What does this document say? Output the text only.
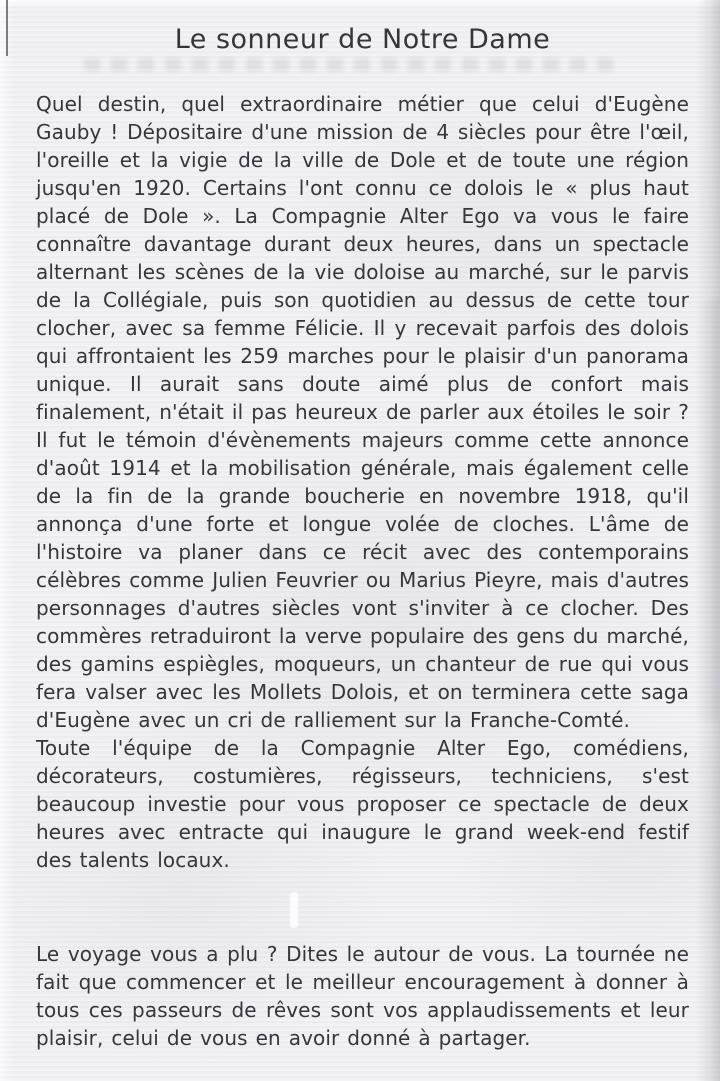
Le sonneur de Notre Dame

Quel destin, quel extraordinaire métier que celui d'Eugène Gauby ! Dépositaire d'une mission de 4 siècles pour être l'œil, l'oreille et la vigie de la ville de Dole et de toute une région jusqu'en 1920. Certains l'ont connu ce dolois le « plus haut placé de Dole ». La Compagnie Alter Ego va vous le faire connaître davantage durant deux heures, dans un spectacle alternant les scènes de la vie doloise au marché, sur le parvis de la Collégiale, puis son quotidien au dessus de cette tour clocher, avec sa femme Félicie. Il y recevait parfois des dolois qui affrontaient les 259 marches pour le plaisir d'un panorama unique. Il aurait sans doute aimé plus de confort mais finalement, n'était il pas heureux de parler aux étoiles le soir ? Il fut le témoin d'évènements majeurs comme cette annonce d'août 1914 et la mobilisation générale, mais également celle de la fin de la grande boucherie en novembre 1918, qu'il annonça d'une forte et longue volée de cloches. L'âme de l'histoire va planer dans ce récit avec des contemporains célèbres comme Julien Feuvrier ou Marius Pieyre, mais d'autres personnages d'autres siècles vont s'inviter à ce clocher. Des commères retraduiront la verve populaire des gens du marché, des gamins espiègles, moqueurs, un chanteur de rue qui vous fera valser avec les Mollets Dolois, et on terminera cette saga d'Eugène avec un cri de ralliement sur la Franche-Comté.

Toute l'équipe de la Compagnie Alter Ego, comédiens, décorateurs, costumières, régisseurs, techniciens, s'est beaucoup investie pour vous proposer ce spectacle de deux heures avec entracte qui inaugure le grand week-end festif des talents locaux.

Le voyage vous a plu ? Dites le autour de vous. La tournée ne fait que commencer et le meilleur encouragement à donner à tous ces passeurs de rêves sont vos applaudissements et leur plaisir, celui de vous en avoir donné à partager.
